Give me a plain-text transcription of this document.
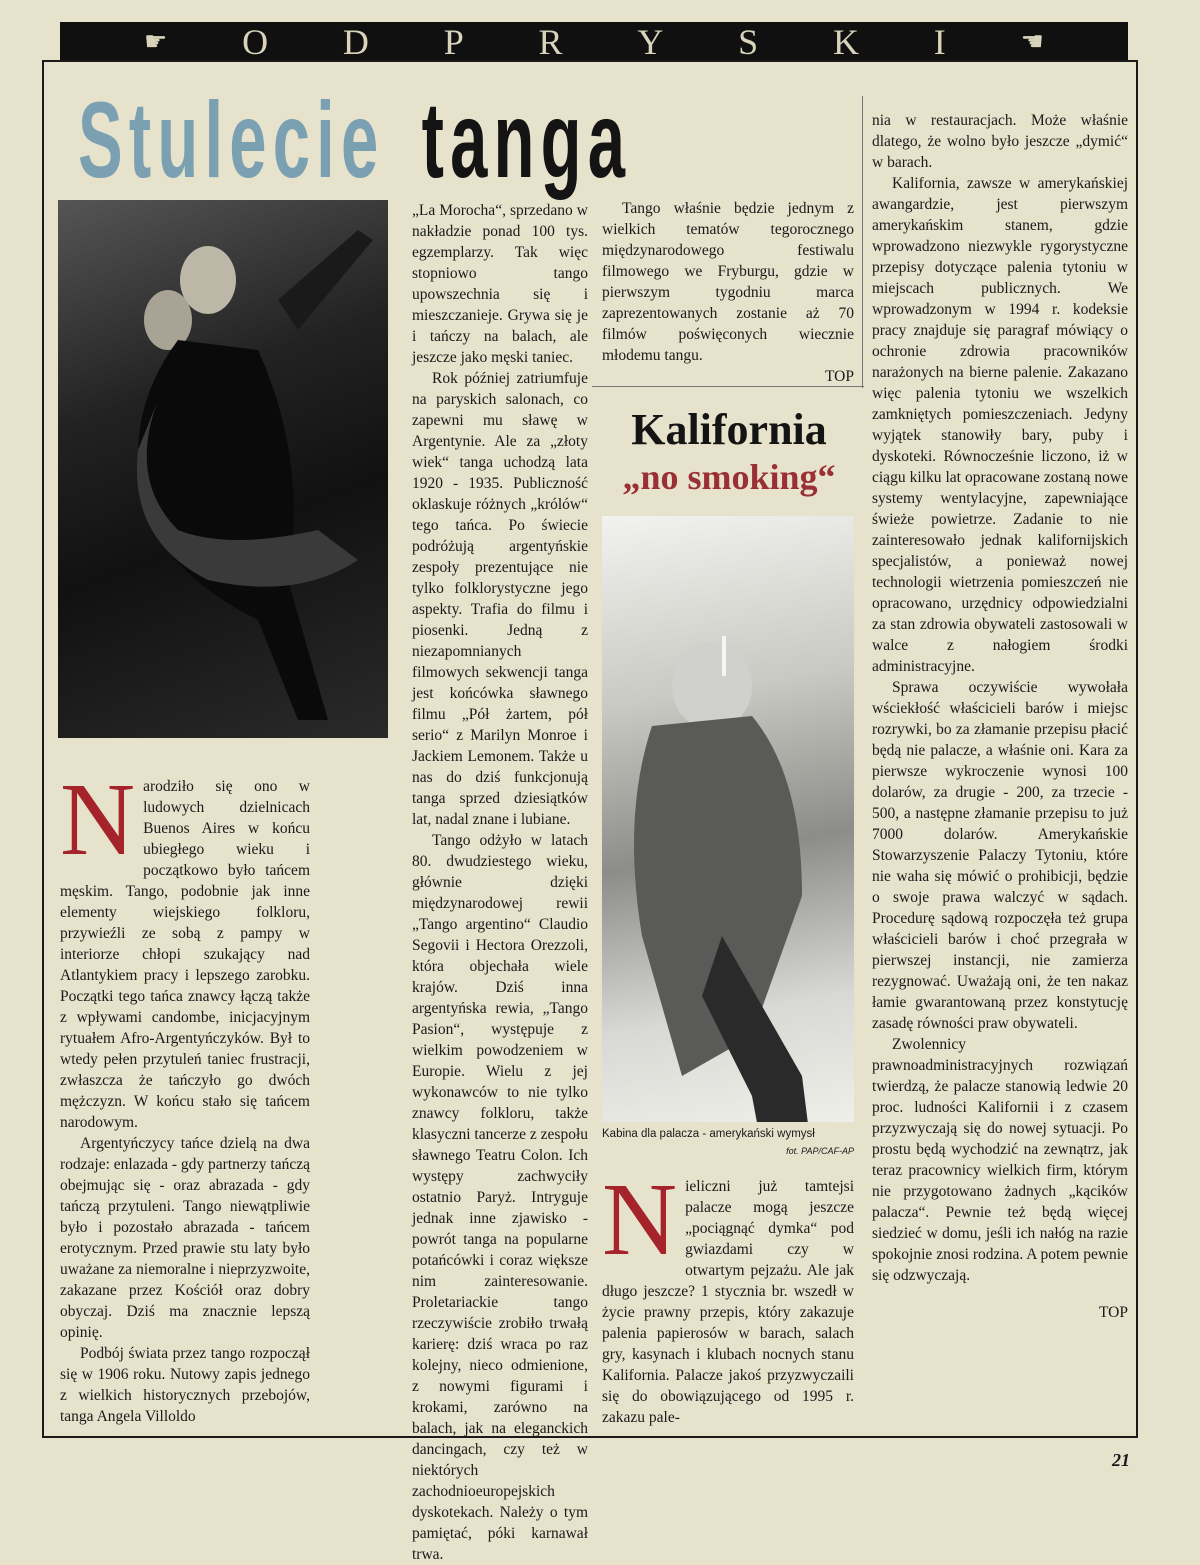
☛ O D P R Y S K I	☚
Stulecie tanga

Narodziło się ono w ludowych dzielnicach Buenos Aires w końcu ubiegłego wieku i początkowo było tańcem męskim. Tango, podobnie jak inne elementy wiejskiego folkloru, przywieźli ze sobą z pampy w interiorze chłopi szukający nad Atlantykiem pracy i lepszego zarobku. Początki tego tańca znawcy łączą także z wpływami candombe, inicjacyjnym rytuałem Afro-Argentyńczyków. Był to wtedy pełen przytuleń taniec frustracji, zwłaszcza że tańczyło go dwóch mężczyzn. W końcu stało się tańcem narodowym.

Argentyńczycy tańce dzielą na dwa rodzaje: enlazada - gdy partnerzy tańczą obejmując się - oraz abrazada - gdy tańczą przytuleni. Tango niewątpliwie było i pozostało abrazada - tańcem erotycznym. Przed prawie stu laty było uważane za niemoralne i nieprzyzwoite, zakazane przez Kościół oraz dobry obyczaj. Dziś ma znacznie lepszą opinię.

Podbój świata przez tango rozpoczął się w 1906 roku. Nutowy zapis jednego z wielkich historycznych przebojów, tanga Angela Villoldo

„La Morocha“, sprzedano w nakładzie ponad 100 tys. egzemplarzy. Tak więc stopniowo tango upowszechnia się i mieszczanieje. Grywa się je i tańczy na balach, ale jeszcze jako męski taniec.

Rok później zatriumfuje na paryskich salonach, co zapewni mu sławę w Argentynie. Ale za „złoty wiek“ tanga uchodzą lata 1920 - 1935. Publiczność oklaskuje różnych „królów“ tego tańca. Po świecie podróżują argentyńskie zespoły prezentujące nie tylko folklorystyczne jego aspekty. Trafia do filmu i piosenki. Jedną z niezapomnianych filmowych sekwencji tanga jest końcówka sławnego filmu „Pół żartem, pół serio“ z Marilyn Monroe i Jackiem Lemonem. Także u nas do dziś funkcjonują tanga sprzed dziesiątków lat, nadal znane i lubiane.

Tango odżyło w latach 80. dwudziestego wieku, głównie dzięki międzynarodowej rewii „Tango argentino“ Claudio Segovii i Hectora Orezzoli, która objechała wiele krajów. Dziś inna argentyńska rewia, „Tango Pasion“, występuje z wielkim powodzeniem w Europie. Wielu z jej wykonawców to nie tylko znawcy folkloru, także klasyczni tancerze z zespołu sławnego Teatru Colon. Ich występy zachwyciły ostatnio Paryż. Intryguje jednak inne zjawisko - powrót tanga na popularne potańcówki i coraz większe nim zainteresowanie. Proletariackie tango rzeczywiście zrobiło trwałą karierę: dziś wraca po raz kolejny, nieco odmienione, z nowymi figurami i krokami, zarówno na balach, jak na eleganckich dancingach, czy też w niektórych zachodnioeuropejskich dyskotekach. Należy o tym pamiętać, póki karnawał trwa.

Tango właśnie będzie jednym z wielkich tematów tegorocznego międzynarodowego festiwalu filmowego we Fryburgu, gdzie w pierwszym tygodniu marca zaprezentowanych zostanie aż 70 filmów poświęconych wiecznie młodemu tangu.

TOP

Kalifornia
„no smoking“
Kabina dla palacza - amerykański wymysł
fot. PAP/CAF-AP

nia w restauracjach. Może właśnie dlatego, że wolno było jeszcze „dymić“ w barach.

Kalifornia, zawsze w amerykańskiej awangardzie, jest pierwszym amerykańskim stanem, gdzie wprowadzono niezwykle rygorystyczne przepisy dotyczące palenia tytoniu w miejscach publicznych. We wprowadzonym w 1994 r. kodeksie pracy znajduje się paragraf mówiący o ochronie zdrowia pracowników narażonych na bierne palenie. Zakazano więc palenia tytoniu we wszelkich zamkniętych pomieszczeniach. Jedyny wyjątek stanowiły bary, puby i dyskoteki. Równocześnie liczono, iż w ciągu kilku lat opracowane zostaną nowe systemy wentylacyjne, zapewniające świeże powietrze. Zadanie to nie zainteresowało jednak kalifornijskich specjalistów, a ponieważ nowej technologii wietrzenia pomieszczeń nie opracowano, urzędnicy odpowiedzialni za stan zdrowia obywateli zastosowali w walce z nałogiem środki administracyjne.

Sprawa oczywiście wywołała wściekłość właścicieli barów i miejsc rozrywki, bo za złamanie przepisu płacić będą nie palacze, a właśnie oni. Kara za pierwsze wykroczenie wynosi 100 dolarów, za drugie - 200, za trzecie - 500, a następne złamanie przepisu to już 7000 dolarów. Amerykańskie Stowarzyszenie Palaczy Tytoniu, które nie waha się mówić o prohibicji, będzie o swoje prawa walczyć w sądach. Procedurę sądową rozpoczęła też grupa właścicieli barów i choć przegrała w pierwszej instancji, nie zamierza rezygnować. Uważają oni, że ten nakaz łamie gwarantowaną przez konstytucję zasadę równości praw obywateli.

Zwolennicy prawnoadministracyjnych rozwiązań twierdzą, że palacze stanowią ledwie 20 proc. ludności Kalifornii i z czasem przyzwyczają się do nowej sytuacji. Po prostu będą wychodzić na zewnątrz, jak teraz pracownicy wielkich firm, którym nie przygotowano żadnych „kącików palacza“. Pewnie też będą więcej siedzieć w domu, jeśli ich nałóg na razie spokojnie znosi rodzina. A potem pewnie się odzwyczają.

TOP

21

Nieliczni już tamtejsi palacze mogą jeszcze „pociągnąć dymka“ pod gwiazdami czy w otwartym pejzażu. Ale jak długo jeszcze? 1 stycznia br. wszedł w życie prawny przepis, który zakazuje palenia papierosów w barach, salach gry, kasynach i klubach nocnych stanu Kalifornia. Palacze jakoś przyzwyczaili się do obowiązującego od 1995 r. zakazu pale-
